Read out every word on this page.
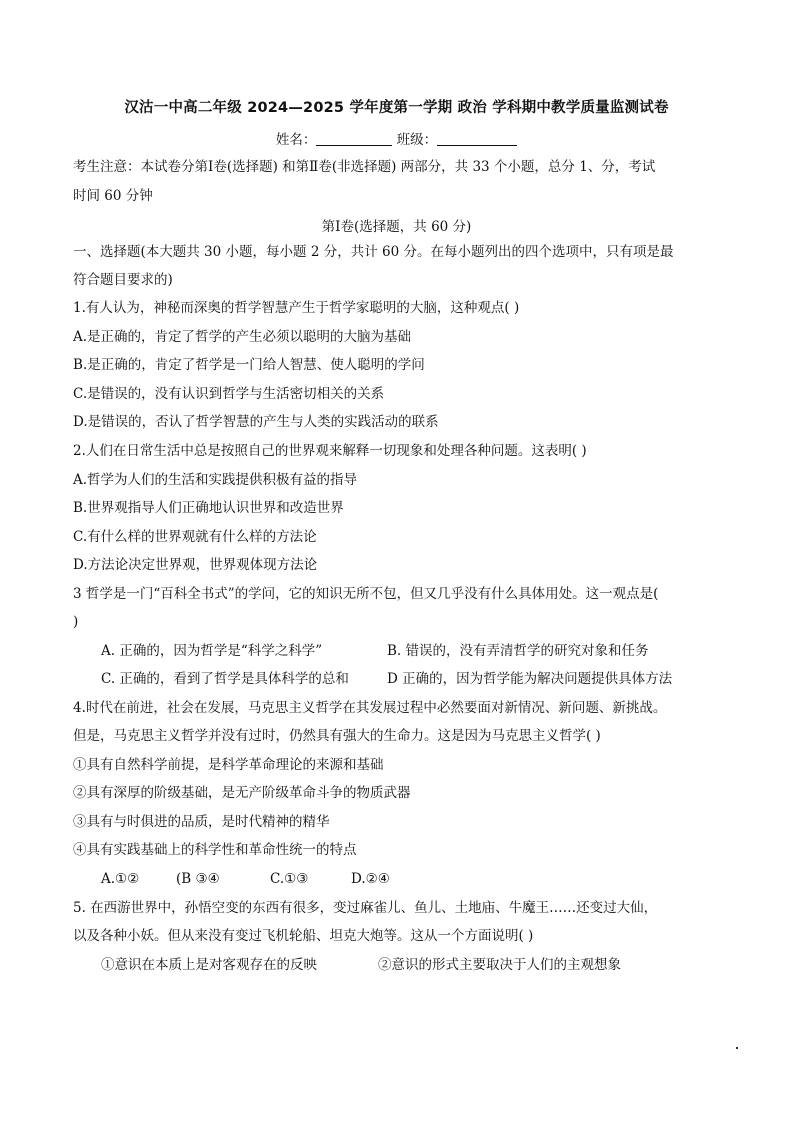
汉沽一中高二年级 2024—2025 学年度第一学期 政治 学科期中教学质量监测试卷
姓名：	班级：
考生注意：本试卷分第Ⅰ卷(选择题) 和第Ⅱ卷(非选择题) 两部分，共 33 个小题，总分 1、分，考试
时间 60 分钟
第Ⅰ卷(选择题，共 60 分)
一、选择题(本大题共 30 小题，每小题 2 分，共计 60 分。在每小题列出的四个选项中，只有项是最
符合题目要求的)
1.有人认为，神秘而深奥的哲学智慧产生于哲学家聪明的大脑，这种观点( )
A.是正确的，肯定了哲学的产生必须以聪明的大脑为基础
B.是正确的，肯定了哲学是一门给人智慧、使人聪明的学问
C.是错误的，没有认识到哲学与生活密切相关的关系
D.是错误的，否认了哲学智慧的产生与人类的实践活动的联系
2.人们在日常生活中总是按照自己的世界观来解释一切现象和处理各种问题。这表明( )
A.哲学为人们的生活和实践提供积极有益的指导
B.世界观指导人们正确地认识世界和改造世界
C.有什么样的世界观就有什么样的方法论
D.方法论决定世界观，世界观体现方法论
3 哲学是一门“百科全书式”的学问，它的知识无所不包，但又几乎没有什么具体用处。这一观点是(
)
A. 正确的，因为哲学是“科学之科学”	B. 错误的，没有弄清哲学的研究对象和任务
C. 正确的，看到了哲学是具体科学的总和	D 正确的，因为哲学能为解决问题提供具体方法
4.时代在前进，社会在发展，马克思主义哲学在其发展过程中必然要面对新情况、新问题、新挑战。
但是，马克思主义哲学并没有过时，仍然具有强大的生命力。这是因为马克思主义哲学( )
①具有自然科学前提，是科学革命理论的来源和基础
②具有深厚的阶级基础，是无产阶级革命斗争的物质武器
③具有与时俱进的品质，是时代精神的精华
④具有实践基础上的科学性和革命性统一的特点
A.①②	(B ③④	C.①③	D.②④
5. 在西游世界中，孙悟空变的东西有很多，变过麻雀儿、鱼儿、土地庙、牛魔王……还变过大仙，
以及各种小妖。但从来没有变过飞机轮船、坦克大炮等。这从一个方面说明( )
①意识在本质上是对客观存在的反映	②意识的形式主要取决于人们的主观想象
